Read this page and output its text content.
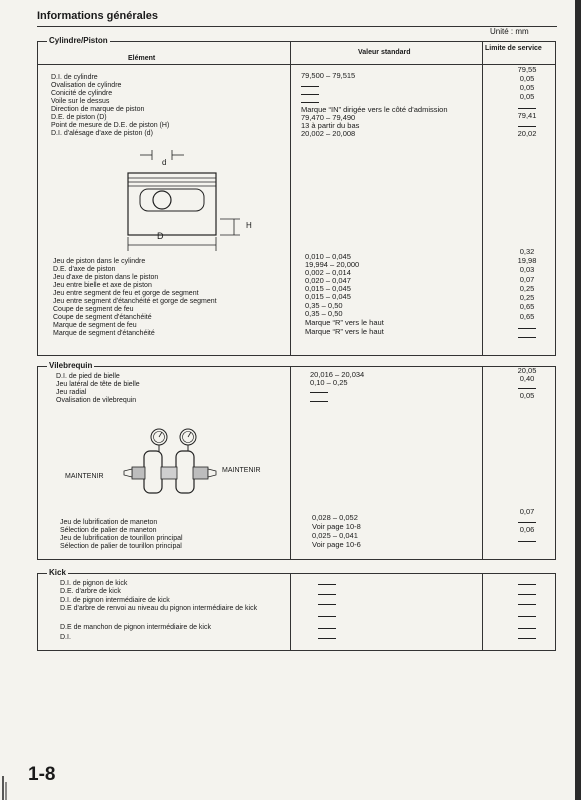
Informations générales
Unité : mm
Cylindre/Piston
Elément
Valeur standard
Limite de service
D.I. de cylindre
Ovalisation de cylindre
Conicité de cylindre
Voile sur le dessus
Direction de marque de piston
D.E. de piston (D)
Point de mesure de D.E. de piston (H)
D.I. d'alésage d'axe de piston (d)
79,500 – 79,515
Marque “IN” dirigée vers le côté d'admission
79,470 – 79,490
13 à partir du bas
20,002 – 20,008
79,55
0,05
0,05
0,05
79,41
20,02
d
H
D
Jeu de piston dans le cylindre
D.E. d'axe de piston
Jeu d'axe de piston dans le piston
Jeu entre bielle et axe de piston
Jeu entre segment de feu et gorge de segment
Jeu entre segment d'étanchéité et gorge de segment
Coupe de segment de feu
Coupe de segment d'étanchéité
Marque de segment de feu
Marque de segment d'étanchéité
0,010 – 0,045
19,994 – 20,000
0,002 – 0,014
0,020 – 0,047
0,015 – 0,045
0,015 – 0,045
0,35 – 0,50
0,35 – 0,50
Marque “R” vers le haut
Marque “R” vers le haut
0,32
19,98
0,03
0,07
0,25
0,25
0,65
0,65
Vilebrequin
D.I. de pied de bielle
Jeu latéral de tête de bielle
Jeu radial
Ovalisation de vilebrequin
20,016 – 20,034
0,10 – 0,25
20,05
0,40
0,05
MAINTENIR
MAINTENIR
Jeu de lubrification de maneton
Sélection de palier de maneton
Jeu de lubrification de tourillon principal
Sélection de palier de tourillon principal
0,028 – 0,052
Voir page 10-8
0,025 – 0,041
Voir page 10-6
0,07
0,06
Kick
D.I. de pignon de kick
D.E. d'arbre de kick
D.I. de pignon intermédiaire de kick
D.E d'arbre de renvoi au niveau du pignon intermédiaire de kick
D.E de manchon de pignon intermédiaire de kick
D.I.
1-8
